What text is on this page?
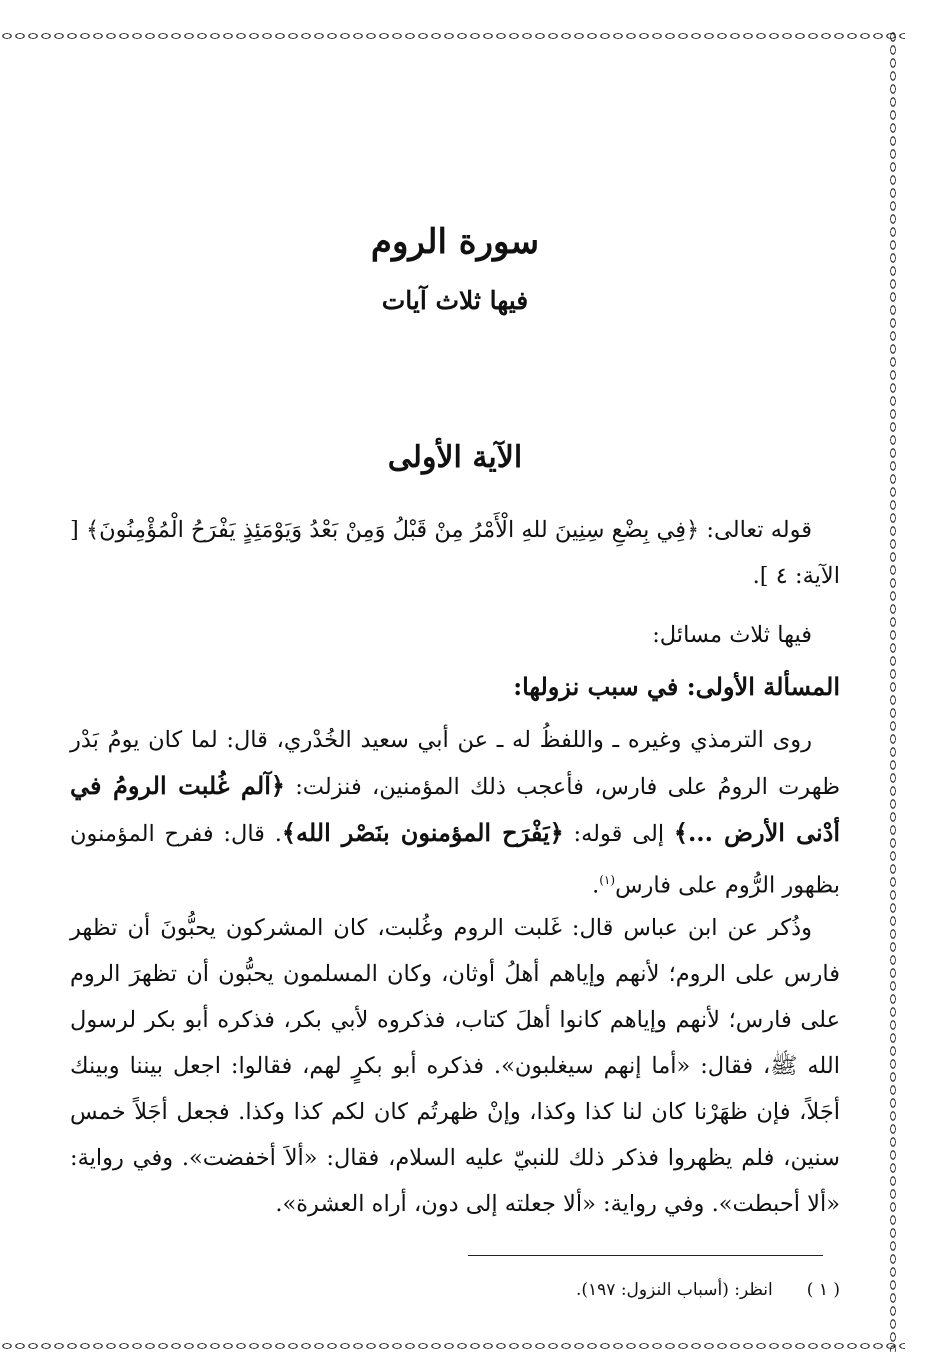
سورة الروم
فيها ثلاث آيات
الآية الأولى

قوله تعالى: ﴿فِي بِضْعِ سِنِينَ للهِ الْأَمْرُ مِنْ قَبْلُ وَمِنْ بَعْدُ وَيَوْمَئِذٍ يَفْرَحُ الْمُؤْمِنُونَ﴾ [ الآية: ٤ ].

فيها ثلاث مسائل:

المسألة الأولى: في سبب نزولها:

روى الترمذي وغيره ـ واللفظُ له ـ عن أبي سعيد الخُدْري، قال: لما كان يومُ بَدْر ظهرت الرومُ على فارس، فأعجب ذلك المؤمنين، فنزلت: ﴿آلم غُلبت الرومُ في أدْنى الأرض ...﴾ إلى قوله: ﴿يَفْرَح المؤمنون بنَصْر الله﴾. قال: ففرح المؤمنون بظهور الرُّوم على فارس$^{(١)}$.

وذُكر عن ابن عباس قال: غَلبت الروم وغُلبت، كان المشركون يحبُّونَ أن تظهر فارس على الروم؛ لأنهم وإياهم أهلُ أوثان، وكان المسلمون يحبُّون أن تظهرَ الروم على فارس؛ لأنهم وإياهم كانوا أهلَ كتاب، فذكروه لأبي بكر، فذكره أبو بكر لرسول الله ﷺ، فقال: «أما إنهم سيغلبون». فذكره أبو بكرٍ لهم، فقالوا: اجعل بيننا وبينك أجَلاً، فإن ظهَرْنا كان لنا كذا وكذا، وإنْ ظهرتُم كان لكم كذا وكذا. فجعل أجَلاً خمس سنين، فلم يظهروا فذكر ذلك للنبيّ عليه السلام، فقال: «ألاَ أخفضت». وفي رواية: «ألا أحبطت». وفي رواية: «ألا جعلته إلى دون، أراه العشرة».

( ١ )انظر: (أسباب النزول: ١٩٧).
